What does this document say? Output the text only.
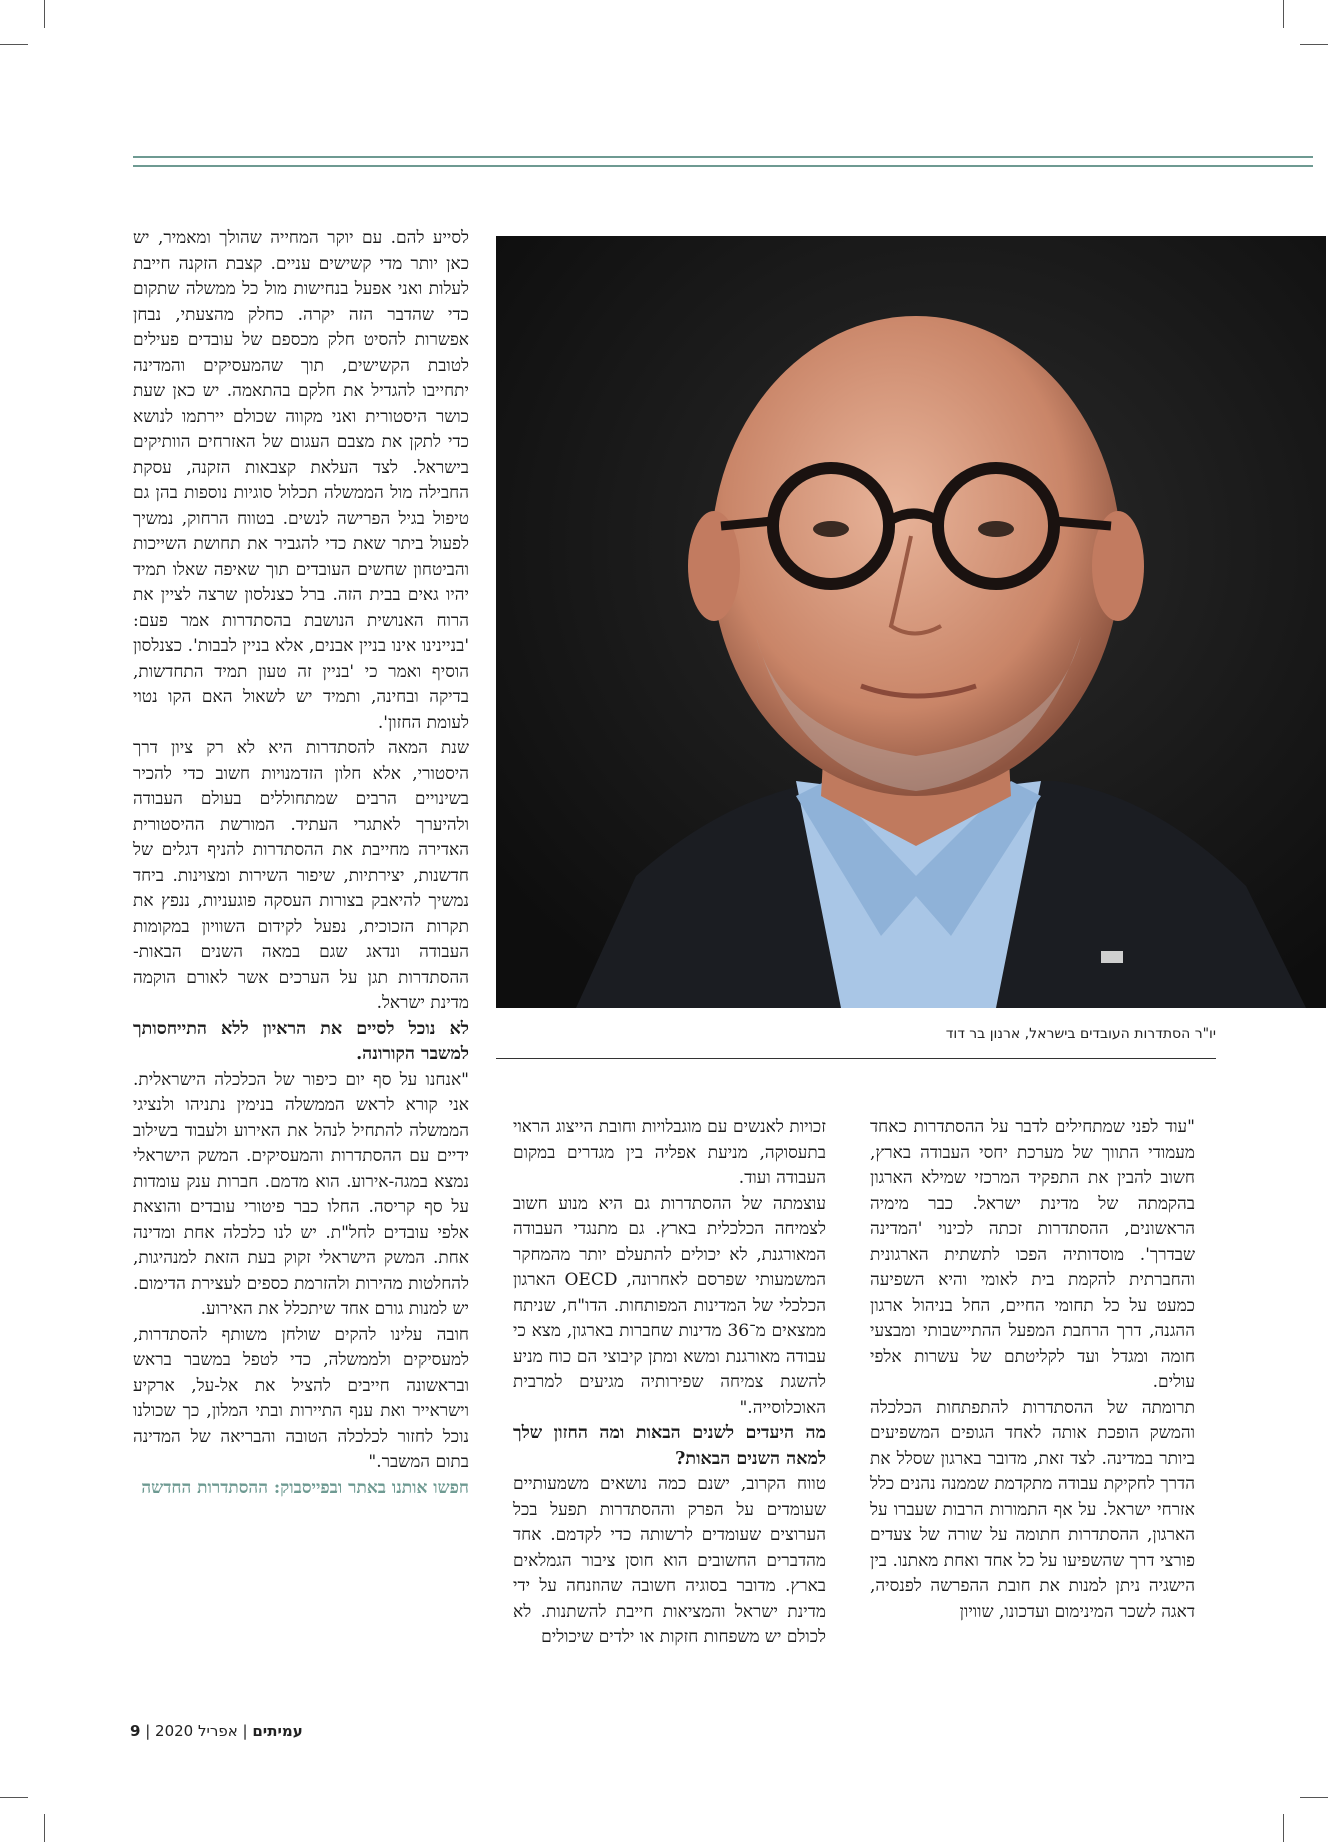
לסייע להם. עם יוקר המחייה שהולך ומאמיר, יש כאן יותר מדי קשישים עניים. קצבת הזקנה חייבת לעלות ואני אפעל בנחישות מול כל ממשלה שתקום כדי שהדבר הזה יקרה. כחלק מהצעתי, נבחן אפשרות להסיט חלק מכספם של עובדים פעילים לטובת הקשישים, תוך שהמעסיקים והמדינה יתחייבו להגדיל את חלקם בהתאמה. יש כאן שעת כושר היסטורית ואני מקווה שכולם יירתמו לנושא כדי לתקן את מצבם העגום של האזרחים הוותיקים בישראל. לצד העלאת קצבאות הזקנה, עסקת החבילה מול הממשלה תכלול סוגיות נוספות בהן גם טיפול בגיל הפרישה לנשים. בטווח הרחוק, נמשיך לפעול ביתר שאת כדי להגביר את תחושת השייכות והביטחון שחשים העובדים תוך שאיפה שאלו תמיד יהיו גאים בבית הזה. ברל כצנלסון שרצה לציין את הרוח האנושית הנושבת בהסתדרות אמר פעם: 'בניינינו אינו בניין אבנים, אלא בניין לבבות'. כצנלסון הוסיף ואמר כי 'בניין זה טעון תמיד התחדשות, בדיקה ובחינה, ותמיד יש לשאול האם הקו נטוי לעומת החזון'.

שנת המאה להסתדרות היא לא רק ציון דרך היסטורי, אלא חלון הזדמנויות חשוב כדי להכיר בשינויים הרבים שמתחוללים בעולם העבודה ולהיערך לאתגרי העתיד. המורשת ההיסטורית האדירה מחייבת את ההסתדרות להניף דגלים של חדשנות, יצירתיות, שיפור השירות ומצוינות. ביחד נמשיך להיאבק בצורות העסקה פוגעניות, ננפץ את תקרות הזכוכית, נפעל לקידום השוויון במקומות העבודה ונדאג שגם במאה השנים הבאות- ההסתדרות תגן על הערכים אשר לאורם הוקמה מדינת ישראל.

לא נוכל לסיים את הראיון ללא התייחסותך למשבר הקורונה.

"אנחנו על סף יום כיפור של הכלכלה הישראלית. אני קורא לראש הממשלה בנימין נתניהו ולנציגי הממשלה להתחיל לנהל את האירוע ולעבוד בשילוב ידיים עם ההסתדרות והמעסיקים. המשק הישראלי נמצא במגה-אירוע. הוא מדמם. חברות ענק עומדות על סף קריסה. החלו כבר פיטורי עובדים והוצאת אלפי עובדים לחל"ת. יש לנו כלכלה אחת ומדינה אחת. המשק הישראלי זקוק בעת הזאת למנהיגות, להחלטות מהירות ולהזרמת כספים לעצירת הדימום. יש למנות גורם אחד שיתכלל את האירוע.

חובה עלינו להקים שולחן משותף להסתדרות, למעסיקים ולממשלה, כדי לטפל במשבר בראש ובראשונה חייבים להציל את אל-על, ארקיע וישראייר ואת ענף התיירות ובתי המלון, כך שכולנו נוכל לחזור לכלכלה הטובה והבריאה של המדינה בתום המשבר."

חפשו אותנו באתר ובפייסבוק: ההסתדרות החדשה

יו"ר הסתדרות העובדים בישראל, ארנון בר דוד

זכויות לאנשים עם מוגבלויות וחובת הייצוג הראוי בתעסוקה, מניעת אפליה בין מגדרים במקום העבודה ועוד.

עוצמתה של ההסתדרות גם היא מנוע חשוב לצמיחה הכלכלית בארץ. גם מתנגדי העבודה המאורגנת, לא יכולים להתעלם יותר מהמחקר המשמעותי שפרסם לאחרונה, OECD הארגון הכלכלי של המדינות המפותחות. הדו"ח, שניתח ממצאים מ־36 מדינות שחברות בארגון, מצא כי עבודה מאורגנת ומשא ומתן קיבוצי הם כוח מניע להשגת צמיחה שפירותיה מגיעים למרבית האוכלוסייה."

מה היעדים לשנים הבאות ומה החזון שלך למאה השנים הבאות?

טווח הקרוב, ישנם כמה נושאים משמעותיים שעומדים על הפרק וההסתדרות תפעל בכל הערוצים שעומדים לרשותה כדי לקדמם. אחד מהדברים החשובים הוא חוסן ציבור הגמלאים בארץ. מדובר בסוגיה חשובה שהוזנחה על ידי מדינת ישראל והמציאות חייבת להשתנות. לא לכולם יש משפחות חזקות או ילדים שיכולים

"עוד לפני שמתחילים לדבר על ההסתדרות כאחד מעמודי התווך של מערכת יחסי העבודה בארץ, חשוב להבין את התפקיד המרכזי שמילא הארגון בהקמתה של מדינת ישראל. כבר מימיה הראשונים, ההסתדרות זכתה לכינוי 'המדינה שבדרך'. מוסדותיה הפכו לתשתית הארגונית והחברתית להקמת בית לאומי והיא השפיעה כמעט על כל תחומי החיים, החל בניהול ארגון ההגנה, דרך הרחבת המפעל ההתיישבותי ומבצעי חומה ומגדל ועד לקליטתם של עשרות אלפי עולים.

תרומתה של ההסתדרות להתפתחות הכלכלה והמשק הופכת אותה לאחד הגופים המשפיעים ביותר במדינה. לצד זאת, מדובר בארגון שסלל את הדרך לחקיקת עבודה מתקדמת שממנה נהנים כלל אזרחי ישראל. על אף התמורות הרבות שעברו על הארגון, ההסתדרות חתומה על שורה של צעדים פורצי דרך שהשפיעו על כל אחד ואחת מאתנו. בין הישגיה ניתן למנות את חובת ההפרשה לפנסיה, דאגה לשכר המינימום ועדכונו, שוויון

עמיתים | אפריל 2020 | 9
